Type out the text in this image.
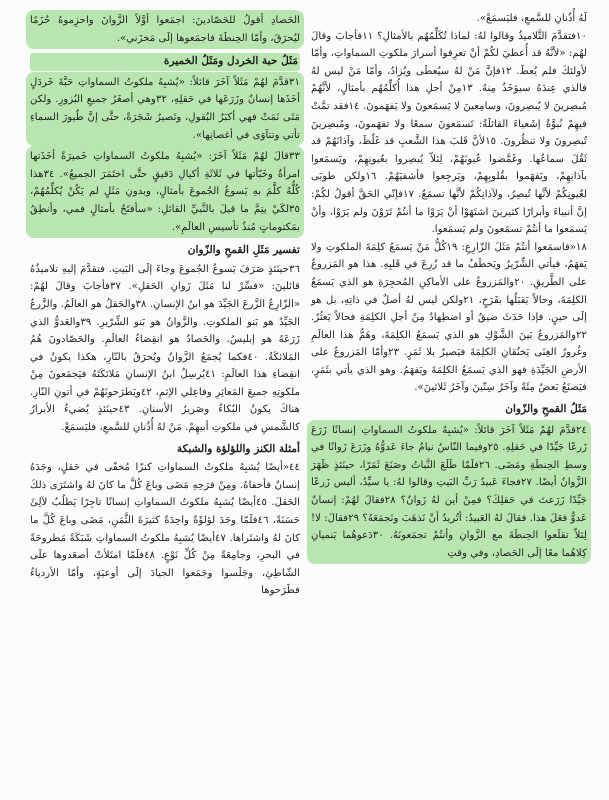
لَهُ أُذُنانِ للسَّمعِ، فليَسمَعْ».

١٠فتقدَّمَ التَّلاميذُ وقالوا لهُ: لماذا تُكَلِّمُهُم بالأمثالِ؟ ١١فأجابَ وقالَ لهُم: «لأنَّهُ قد أُعطيَ لكُمْ أنْ تعرِفوا أسرارَ ملكوتِ السماواتِ، وأمّا لأولئكَ فلم يُعطَ. ١٢فإنَّ مَنْ لهُ سيُعطَى ويُزادُ، وأمّا مَنْ ليس لهُ فالذي عِندَهُ سيؤخَذُ مِنهُ. ١٣مِنْ أجلِ هذا أُكلِّمُهُم بأمثالٍ، لأنَّهُمْ مُبصِرينَ لا يُبصِرونَ، وسامِعينَ لا يَسمَعونَ ولا يَفهَمونَ. ١٤فقد تمَّتْ فيهِمْ نُبوَّةُ إشَعياءَ القائلَةُ: تَسمَعونَ سمعًا ولا تفهَمونَ، ومُبصِرينَ تُبصِرونَ ولا تنظُرونَ. ١٥لأنَّ قَلبَ هذا الشَّعبِ قد غَلُظَ، وآذانَهُمْ قد ثَقُلَ سماعُها. وغَمَّضوا عُيونَهُمْ، لِئلاّ يُبصِروا بعُيونِهِمْ، ويَسمَعوا بآذانِهِمْ، ويَفهَموا بقُلوبِهِمْ، ويَرجِعوا فأشفيَهُمْ. ١٦ولكن طوبَى لعُيونِكُمْ لأنَّها تُبصِرُ، ولآذانِكُمْ لأنَّها تسمَعُ. ١٧فإنّي الحَقَّ أقولُ لكُمْ: إنَّ أنبياءَ وأبرارًا كثيرينَ اشتَهَوْا أنْ يَرَوْا ما أنتُمْ تَرَوْنَ ولم يَرَوْا، وأنْ يَسمَعوا ما أنتُمْ تسمَعونَ ولم يَسمَعوا.

١٨«فاسمَعوا أنتُمْ مَثَلَ الزّارِعِ: ١٩كُلُّ مَنْ يَسمَعُ كلِمَةَ الملكوتِ ولا يَفهَمُ، فيأتي الشِّرّيرُ ويَخطَفُ ما قد زُرِعَ في قَلبِهِ. هذا هو المَزروعُ على الطَّريقِ. ٢٠والمَزروعُ على الأماكِنِ المُحجِرَةِ هو الذي يَسمَعُ الكلِمَةَ، وحالاً يَقبَلُها بفَرَحٍ، ٢١ولكن ليس لهُ أصلٌ في ذاتِهِ، بل هو إلَى حينٍ. فإذا حَدَثَ ضيقٌ أو اضطِهادٌ مِنْ أجلِ الكلِمَةِ فحالاً يَعثُرُ. ٢٢والمَزروعُ بَينَ الشَّوْكِ هو الذي يَسمَعُ الكلِمَةَ، وهَمُّ هذا العالَمِ وغُرورُ الغِنَى يَخنُقانِ الكلِمَةَ فيَصيرُ بلا ثَمَرٍ. ٢٣وأمّا المَزروعُ على الأرضِ الجَيِّدَةِ فهو الذي يَسمَعُ الكلِمَةَ ويَفهَمُ. وهو الذي يأتي بثَمَرٍ، فيَصنَعُ بَعضٌ مِئَةً وآخَرُ سِتّينَ وآخَرُ ثَلاثينَ».

مَثَلُ القمحِ والزّوان

٢٤قدَّمَ لهُمْ مَثَلاً آخَرَ قائلاً: «يُشبِهُ ملكوتُ السماواتِ إنسانًا زَرَعَ زَرعًا جَيِّدًا في حَقلِهِ. ٢٥وفيما النّاسُ نيامٌ جاءَ عَدوُّهُ وزَرَعَ زَوانًا في وسطِ الحِنطَةِ ومَضَى. ٢٦فلَمّا طَلَعَ النَّباتُ وصَنَعَ ثَمَرًا، حينَئذٍ ظَهَرَ الزَّوانُ أيضًا. ٢٧فجاءَ عَبيدُ رَبِّ البَيتِ وقالوا لهُ: يا سيِّدُ، أليس زَرعًا جَيِّدًا زَرَعتَ في حَقلِكَ؟ فمِنْ أين لهُ زَوانٌ؟ ٢٨فقالَ لهُمْ: إنسانٌ عَدوٌّ فعَلَ هذا. فقالَ لهُ العَبيدُ: أتُريدُ أنْ نَذهَبَ ونَجمَعَهُ؟ ٢٩فقالَ: لا! لِئلاّ تقلَعوا الحِنطَةَ مع الزَّوانِ وأنتُمْ تجمَعونَهُ. ٣٠دَعوهُما يَنميانِ كِلاهُما معًا إلَى الحَصادِ، وفي وقتِ

الحَصادِ أقولُ للحَصّادينَ: اجمَعوا أوَّلاً الزَّوانَ واحزِموهُ حُزَمًا ليُحرَقَ، وأمّا الحِنطَةَ فاجمَعوها إلَى مَخزَني».

مَثَلُ حبة الخردل ومَثَلُ الخميرة

٣١قدَّمَ لهُمْ مَثَلاً آخَرَ قائلاً: «يُشبِهُ ملكوتُ السماواتِ حَبَّةَ خَردَلٍ أخَذَها إنسانٌ وزَرَعَها في حَقلِهِ، ٣٢وهي أصغَرُ جميعِ البُزورِ. ولكن مَتَى نَمَتْ فهي أكبَرُ البُقولِ، وتَصيرُ شَجَرَةً، حتَّى إنَّ طُيورَ السماءِ تأتي وتتآوَى في أغصانِها».

٣٣قالَ لهُمْ مَثَلاً آخَرَ: «يُشبِهُ ملكوتُ السماواتِ خَميرَةً أخَذَتها امرأةٌ وخَبّأتها في ثَلاثَةِ أكيالِ دَقيقٍ حتَّى اختَمَرَ الجميعُ». ٣٤هذا كُلُّهُ كلَّمَ بهِ يَسوعُ الجُموعَ بأمثالٍ، وبدونِ مَثَلٍ لم يَكُنْ يُكلِّمُهُمْ، ٣٥لكَيْ يتِمَّ ما قيلَ بالنَّبيِّ القائلِ: «سأفتَحُ بأمثالٍ فمي، وأنطِقُ بمَكتوماتٍ مُنذُ تأسيسِ العالَمِ».

تفسير مَثَلِ القمحِ والزّوان

٣٦حينَئذٍ صَرَفَ يَسوعُ الجُموعَ وجاءَ إلَى البَيتِ. فتقدَّمَ إليهِ تلاميذُهُ قائلينَ: «فسِّرْ لنا مَثَلَ زَوانِ الحَقلِ». ٣٧فأجابَ وقالَ لهُمْ: «الزّارِعُ الزَّرعَ الجَيِّدَ هو ابنُ الإنسانِ. ٣٨والحَقلُ هو العالَمُ. والزَّرعُ الجَيِّدُ هو بَنو الملكوتِ. والزَّوانُ هو بَنو الشِّرّيرِ. ٣٩والعَدوُّ الذي زَرَعَهُ هو إبليسُ. والحَصادُ هو انقِضاءُ العالَمِ. والحَصّادونَ هُمُ المَلائكَةُ. ٤٠فكما يُجمَعُ الزَّوانُ ويُحرَقُ بالنّارِ، هكذا يكونُ في انقِضاءِ هذا العالَمِ: ٤١يُرسِلُ ابنُ الإنسانِ مَلائكَتَهُ فيَجمَعونَ مِنْ ملكوتِهِ جميعَ المَعاثِرِ وفاعِلي الإثمِ، ٤٢ويَطرَحونَهُمْ في أتونِ النّارِ. هناكَ يكونُ البُكاءُ وصَريرُ الأسنانِ. ٤٣حينَئذٍ يُضيءُ الأبرارُ كالشَّمسِ في ملكوتِ أبيهِمْ. مَنْ لهُ أُذُنانِ للسَّمعِ، فليَسمَعْ.

أمثلة الكنز واللؤلؤة والشبكة

٤٤«أيضًا يُشبِهُ ملكوتُ السماواتِ كنزًا مُخفًى في حَقلٍ، وجَدَهُ إنسانٌ فأخفاهُ. ومِنْ فرَحِهِ مَضَى وباعَ كُلَّ ما كانَ لهُ واشتَرَى ذلكَ الحَقلَ. ٤٥أيضًا يُشبِهُ ملكوتُ السماواتِ إنسانًا تاجِرًا يَطلُبُ لآلِئَ حَسَنَةً، ٤٦فلَمّا وجَدَ لؤلؤَةً واحِدَةً كثيرَةَ الثَّمَنِ، مَضَى وباعَ كُلَّ ما كانَ لهُ واشتَراها. ٤٧أيضًا يُشبِهُ ملكوتُ السماواتِ شَبَكَةً مَطروحَةً في البحرِ، وجامِعَةً مِنْ كُلِّ نَوْعٍ. ٤٨فلَمّا امتَلأتْ أصعَدوها علَى الشّاطِئِ، وجَلَسوا وجَمَعوا الجيادَ إلَى أوعيَةٍ، وأمّا الأردياءُ فطَرَحوها
